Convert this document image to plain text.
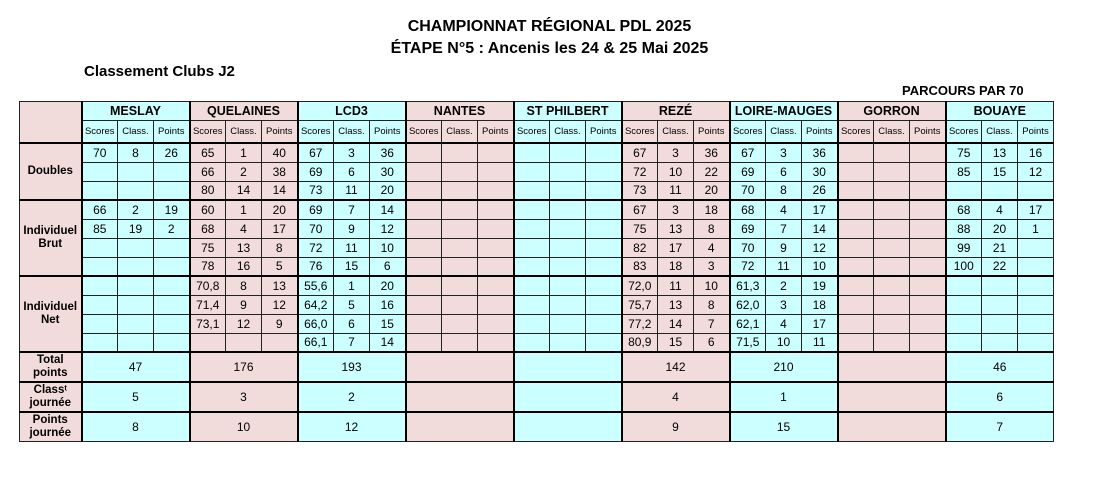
CHAMPIONNAT RÉGIONAL PDL 2025
ÉTAPE N°5 : Ancenis les 24 & 25 Mai 2025
Classement Clubs J2
PARCOURS PAR 70
	MESLAY			QUELAINES			LCD3			NANTES			ST PHILBERT			REZÉ			LOIRE-MAUGES			GORRON			BOUAYE		
	Scores	Class.	Points	Scores	Class.	Points	Scores	Class.	Points	Scores	Class.	Points	Scores	Class.	Points	Scores	Class.	Points	Scores	Class.	Points	Scores	Class.	Points	Scores	Class.	Points
Doubles	70	8	26	65	1	40	67	3	36							67	3	36	67	3	36				75	13	16
				66	2	38	69	6	30							72	10	22	69	6	30				85	15	12
				80	14	14	73	11	20							73	11	20	70	8	26						
Individuel Brut	66	2	19	60	1	20	69	7	14							67	3	18	68	4	17				68	4	17
	85	19	2	68	4	17	70	9	12							75	13	8	69	7	14				88	20	1
				75	13	8	72	11	10							82	17	4	70	9	12				99	21	
				78	16	5	76	15	6							83	18	3	72	11	10				100	22	
Individuel Net				70,8	8	13	55,6	1	20							72,0	11	10	61,3	2	19						
				71,4	9	12	64,2	5	16							75,7	13	8	62,0	3	18						
				73,1	12	9	66,0	6	15							77,2	14	7	62,1	4	17						
							66,1	7	14							80,9	15	6	71,5	10	11						
Total points	47			176			193									142			210						46		
Classᵗ journée	5			3			2									4			1						6		
Points journée	8			10			12									9			15						7		
